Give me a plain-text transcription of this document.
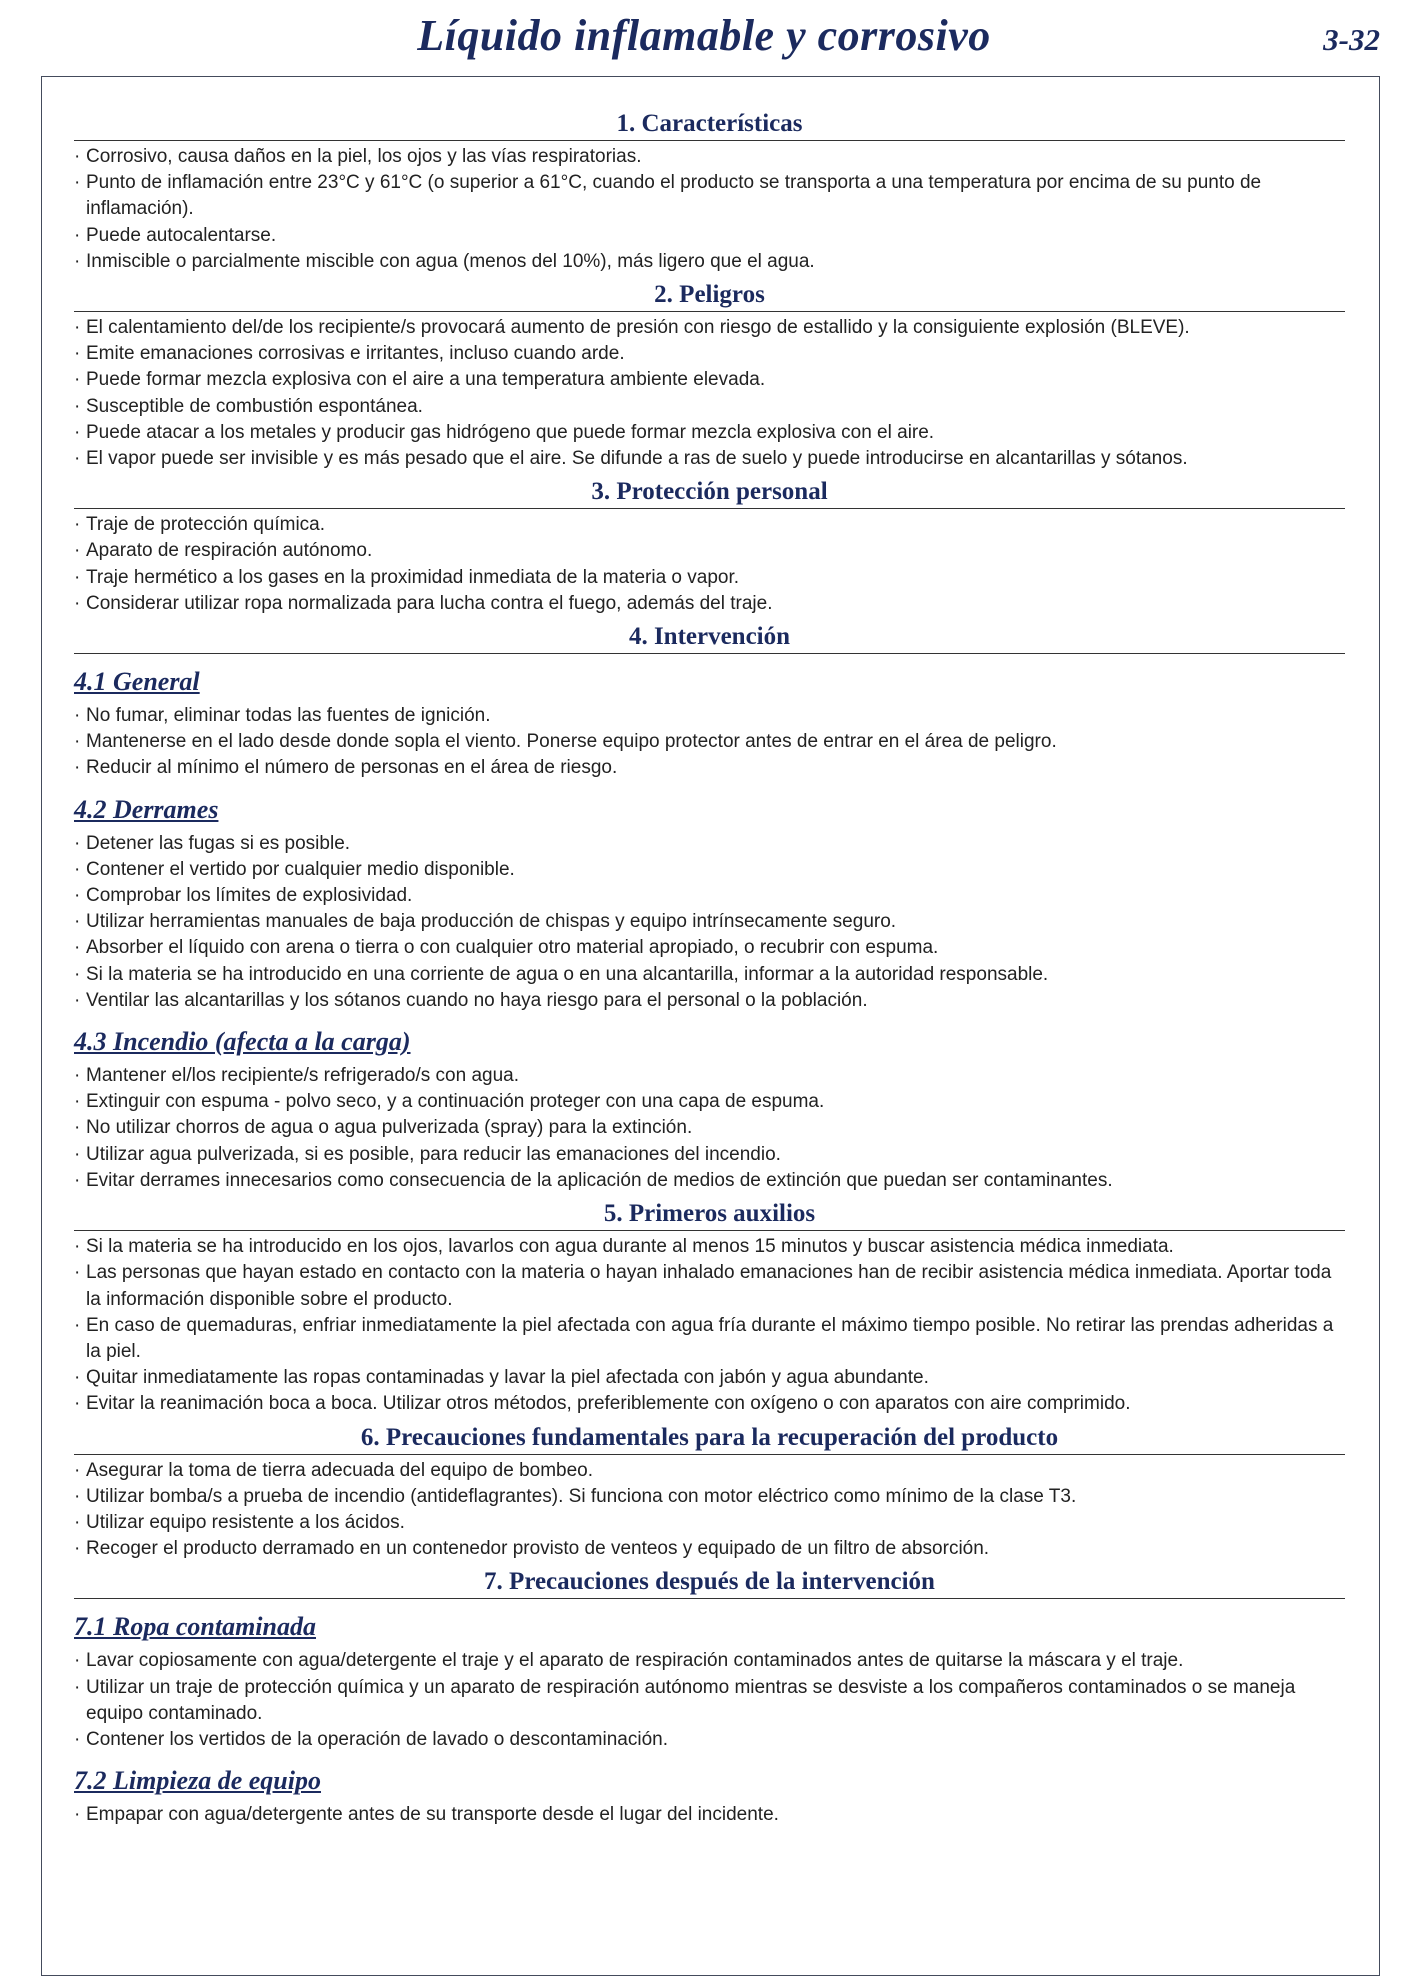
Líquido inflamable y corrosivo	3-32
1. Características
· Corrosivo, causa daños en la piel, los ojos y las vías respiratorias.
· Punto de inflamación entre 23°C y 61°C (o superior a 61°C, cuando el producto se transporta a una temperatura por encima de su punto de inflamación).
· Puede autocalentarse.
· Inmiscible o parcialmente miscible con agua (menos del 10%), más ligero que el agua.
2. Peligros
· El calentamiento del/de los recipiente/s provocará aumento de presión con riesgo de estallido y la consiguiente explosión (BLEVE).
· Emite emanaciones corrosivas e irritantes, incluso cuando arde.
· Puede formar mezcla explosiva con el aire a una temperatura ambiente elevada.
· Susceptible de combustión espontánea.
· Puede atacar a los metales y producir gas hidrógeno que puede formar mezcla explosiva con el aire.
· El vapor puede ser invisible y es más pesado que el aire. Se difunde a ras de suelo y puede introducirse en alcantarillas y sótanos.
3. Protección personal
· Traje de protección química.
· Aparato de respiración autónomo.
· Traje hermético a los gases en la proximidad inmediata de la materia o vapor.
· Considerar utilizar ropa normalizada para lucha contra el fuego, además del traje.
4. Intervención
4.1 General
· No fumar, eliminar todas las fuentes de ignición.
· Mantenerse en el lado desde donde sopla el viento. Ponerse equipo protector antes de entrar en el área de peligro.
· Reducir al mínimo el número de personas en el área de riesgo.
4.2 Derrames
· Detener las fugas si es posible.
· Contener el vertido por cualquier medio disponible.
· Comprobar los límites de explosividad.
· Utilizar herramientas manuales de baja producción de chispas y equipo intrínsecamente seguro.
· Absorber el líquido con arena o tierra o con cualquier otro material apropiado, o recubrir con espuma.
· Si la materia se ha introducido en una corriente de agua o en una alcantarilla, informar a la autoridad responsable.
· Ventilar las alcantarillas y los sótanos cuando no haya riesgo para el personal o la población.
4.3 Incendio (afecta a la carga)
· Mantener el/los recipiente/s refrigerado/s con agua.
· Extinguir con espuma - polvo seco, y a continuación proteger con una capa de espuma.
· No utilizar chorros de agua o agua pulverizada (spray) para la extinción.
· Utilizar agua pulverizada, si es posible, para reducir las emanaciones del incendio.
· Evitar derrames innecesarios como consecuencia de la aplicación de medios de extinción que puedan ser contaminantes.
5. Primeros auxilios
· Si la materia se ha introducido en los ojos, lavarlos con agua durante al menos 15 minutos y buscar asistencia médica inmediata.
· Las personas que hayan estado en contacto con la materia o hayan inhalado emanaciones han de recibir asistencia médica inmediata. Aportar toda la información disponible sobre el producto.
· En caso de quemaduras, enfriar inmediatamente la piel afectada con agua fría durante el máximo tiempo posible. No retirar las prendas adheridas a la piel.
· Quitar inmediatamente las ropas contaminadas y lavar la piel afectada con jabón y agua abundante.
· Evitar la reanimación boca a boca. Utilizar otros métodos, preferiblemente con oxígeno o con aparatos con aire comprimido.
6. Precauciones fundamentales para la recuperación del producto
· Asegurar la toma de tierra adecuada del equipo de bombeo.
· Utilizar bomba/s a prueba de incendio (antideflagrantes). Si funciona con motor eléctrico como mínimo de la clase T3.
· Utilizar equipo resistente a los ácidos.
· Recoger el producto derramado en un contenedor provisto de venteos y equipado de un filtro de absorción.
7. Precauciones después de la intervención
7.1 Ropa contaminada
· Lavar copiosamente con agua/detergente el traje y el aparato de respiración contaminados antes de quitarse la máscara y el traje.
· Utilizar un traje de protección química y un aparato de respiración autónomo mientras se desviste a los compañeros contaminados o se maneja equipo contaminado.
· Contener los vertidos de la operación de lavado o descontaminación.
7.2 Limpieza de equipo
· Empapar con agua/detergente antes de su transporte desde el lugar del incidente.
